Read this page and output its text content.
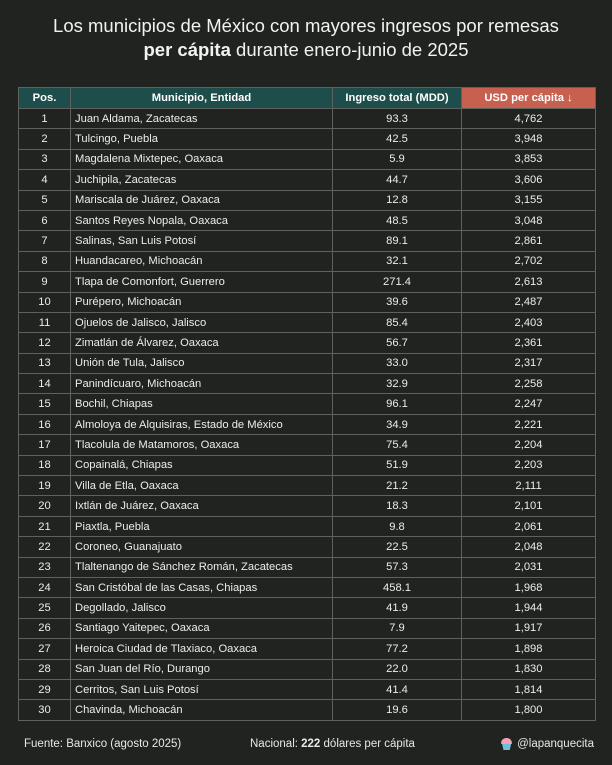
Los municipios de México con mayores ingresos por remesas
per cápita durante enero-junio de 2025
Pos.	Municipio, Entidad	Ingreso total (MDD)	USD per cápita ↓
1	Juan Aldama, Zacatecas	93.3	4,762
2	Tulcingo, Puebla	42.5	3,948
3	Magdalena Mixtepec, Oaxaca	5.9	3,853
4	Juchipila, Zacatecas	44.7	3,606
5	Mariscala de Juárez, Oaxaca	12.8	3,155
6	Santos Reyes Nopala, Oaxaca	48.5	3,048
7	Salinas, San Luis Potosí	89.1	2,861
8	Huandacareo, Michoacán	32.1	2,702
9	Tlapa de Comonfort, Guerrero	271.4	2,613
10	Purépero, Michoacán	39.6	2,487
11	Ojuelos de Jalisco, Jalisco	85.4	2,403
12	Zimatlán de Álvarez, Oaxaca	56.7	2,361
13	Unión de Tula, Jalisco	33.0	2,317
14	Panindícuaro, Michoacán	32.9	2,258
15	Bochil, Chiapas	96.1	2,247
16	Almoloya de Alquisiras, Estado de México	34.9	2,221
17	Tlacolula de Matamoros, Oaxaca	75.4	2,204
18	Copainalá, Chiapas	51.9	2,203
19	Villa de Etla, Oaxaca	21.2	2,111
20	Ixtlán de Juárez, Oaxaca	18.3	2,101
21	Piaxtla, Puebla	9.8	2,061
22	Coroneo, Guanajuato	22.5	2,048
23	Tlaltenango de Sánchez Román, Zacatecas	57.3	2,031
24	San Cristóbal de las Casas, Chiapas	458.1	1,968
25	Degollado, Jalisco	41.9	1,944
26	Santiago Yaitepec, Oaxaca	7.9	1,917
27	Heroica Ciudad de Tlaxiaco, Oaxaca	77.2	1,898
28	San Juan del Río, Durango	22.0	1,830
29	Cerritos, San Luis Potosí	41.4	1,814
30	Chavinda, Michoacán	19.6	1,800
Fuente: Banxico (agosto 2025)	Nacional: 222 dólares per cápita	@lapanquecita
